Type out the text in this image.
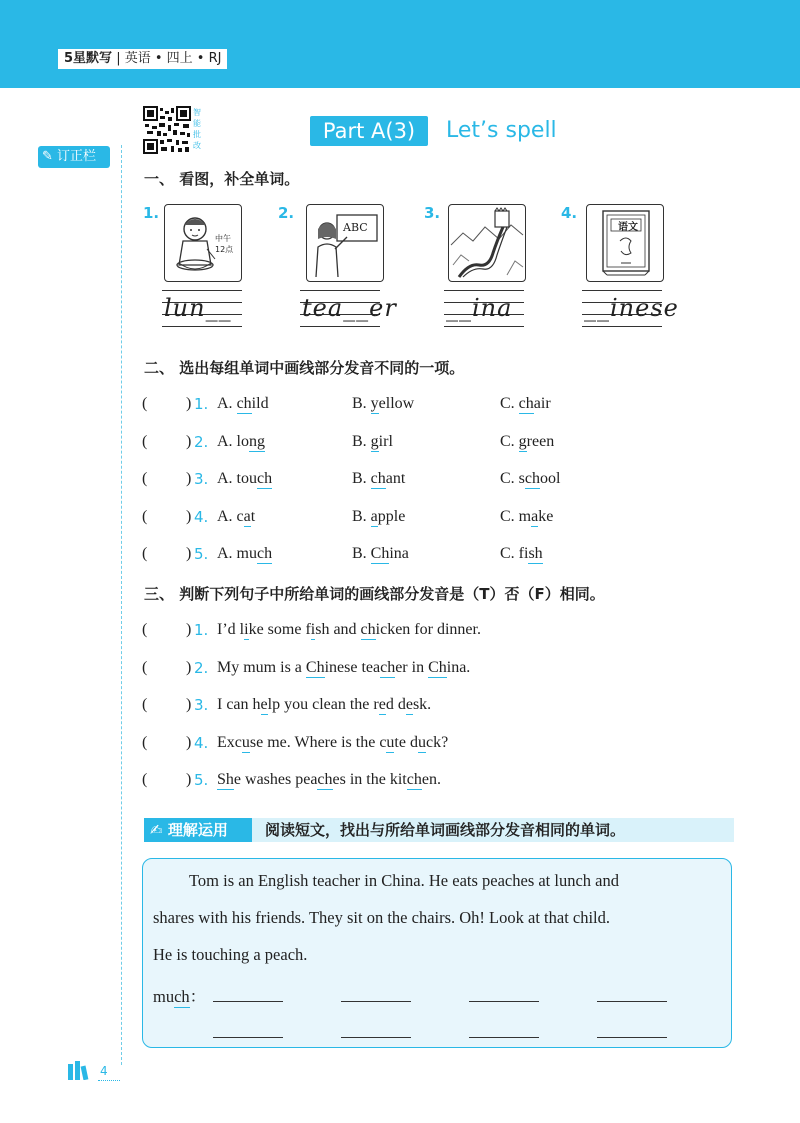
5星默写 | 英语 • 四上 • RJ
✎ 订正栏
智能批改
Part A(3)	Let’s spell
一、 看图，补全单词。
1.	2.	3.	4.
中午12点
ABC	语文
lun__	tea__er __ina	__inese
二、 选出每组单词中画线部分发音不同的一项。
( ) 1. A. child	B. yellow	C. chair
( ) 2. A. long	B. girl	C. green
( ) 3. A. touch	B. chant	C. school
( ) 4. A. cat	B. apple	C. make
( ) 5. A. much	B. China	C. fish
三、 判断下列句子中所给单词的画线部分发音是（T）否（F）相同。
( ) 1. I’d like some fish and chicken for dinner.
( ) 2. My mum is a Chinese teacher in China.
( ) 3. I can help you clean the red desk.
( ) 4. Excuse me. Where is the cute duck?
( ) 5. She washes peaches in the kitchen.
✍ 理解运用	阅读短文，找出与所给单词画线部分发音相同的单词。
Tom is an English teacher in China. He eats peaches at lunch and
shares with his friends. They sit on the chairs. Oh! Look at that child.
He is touching a peach.
much：
4
